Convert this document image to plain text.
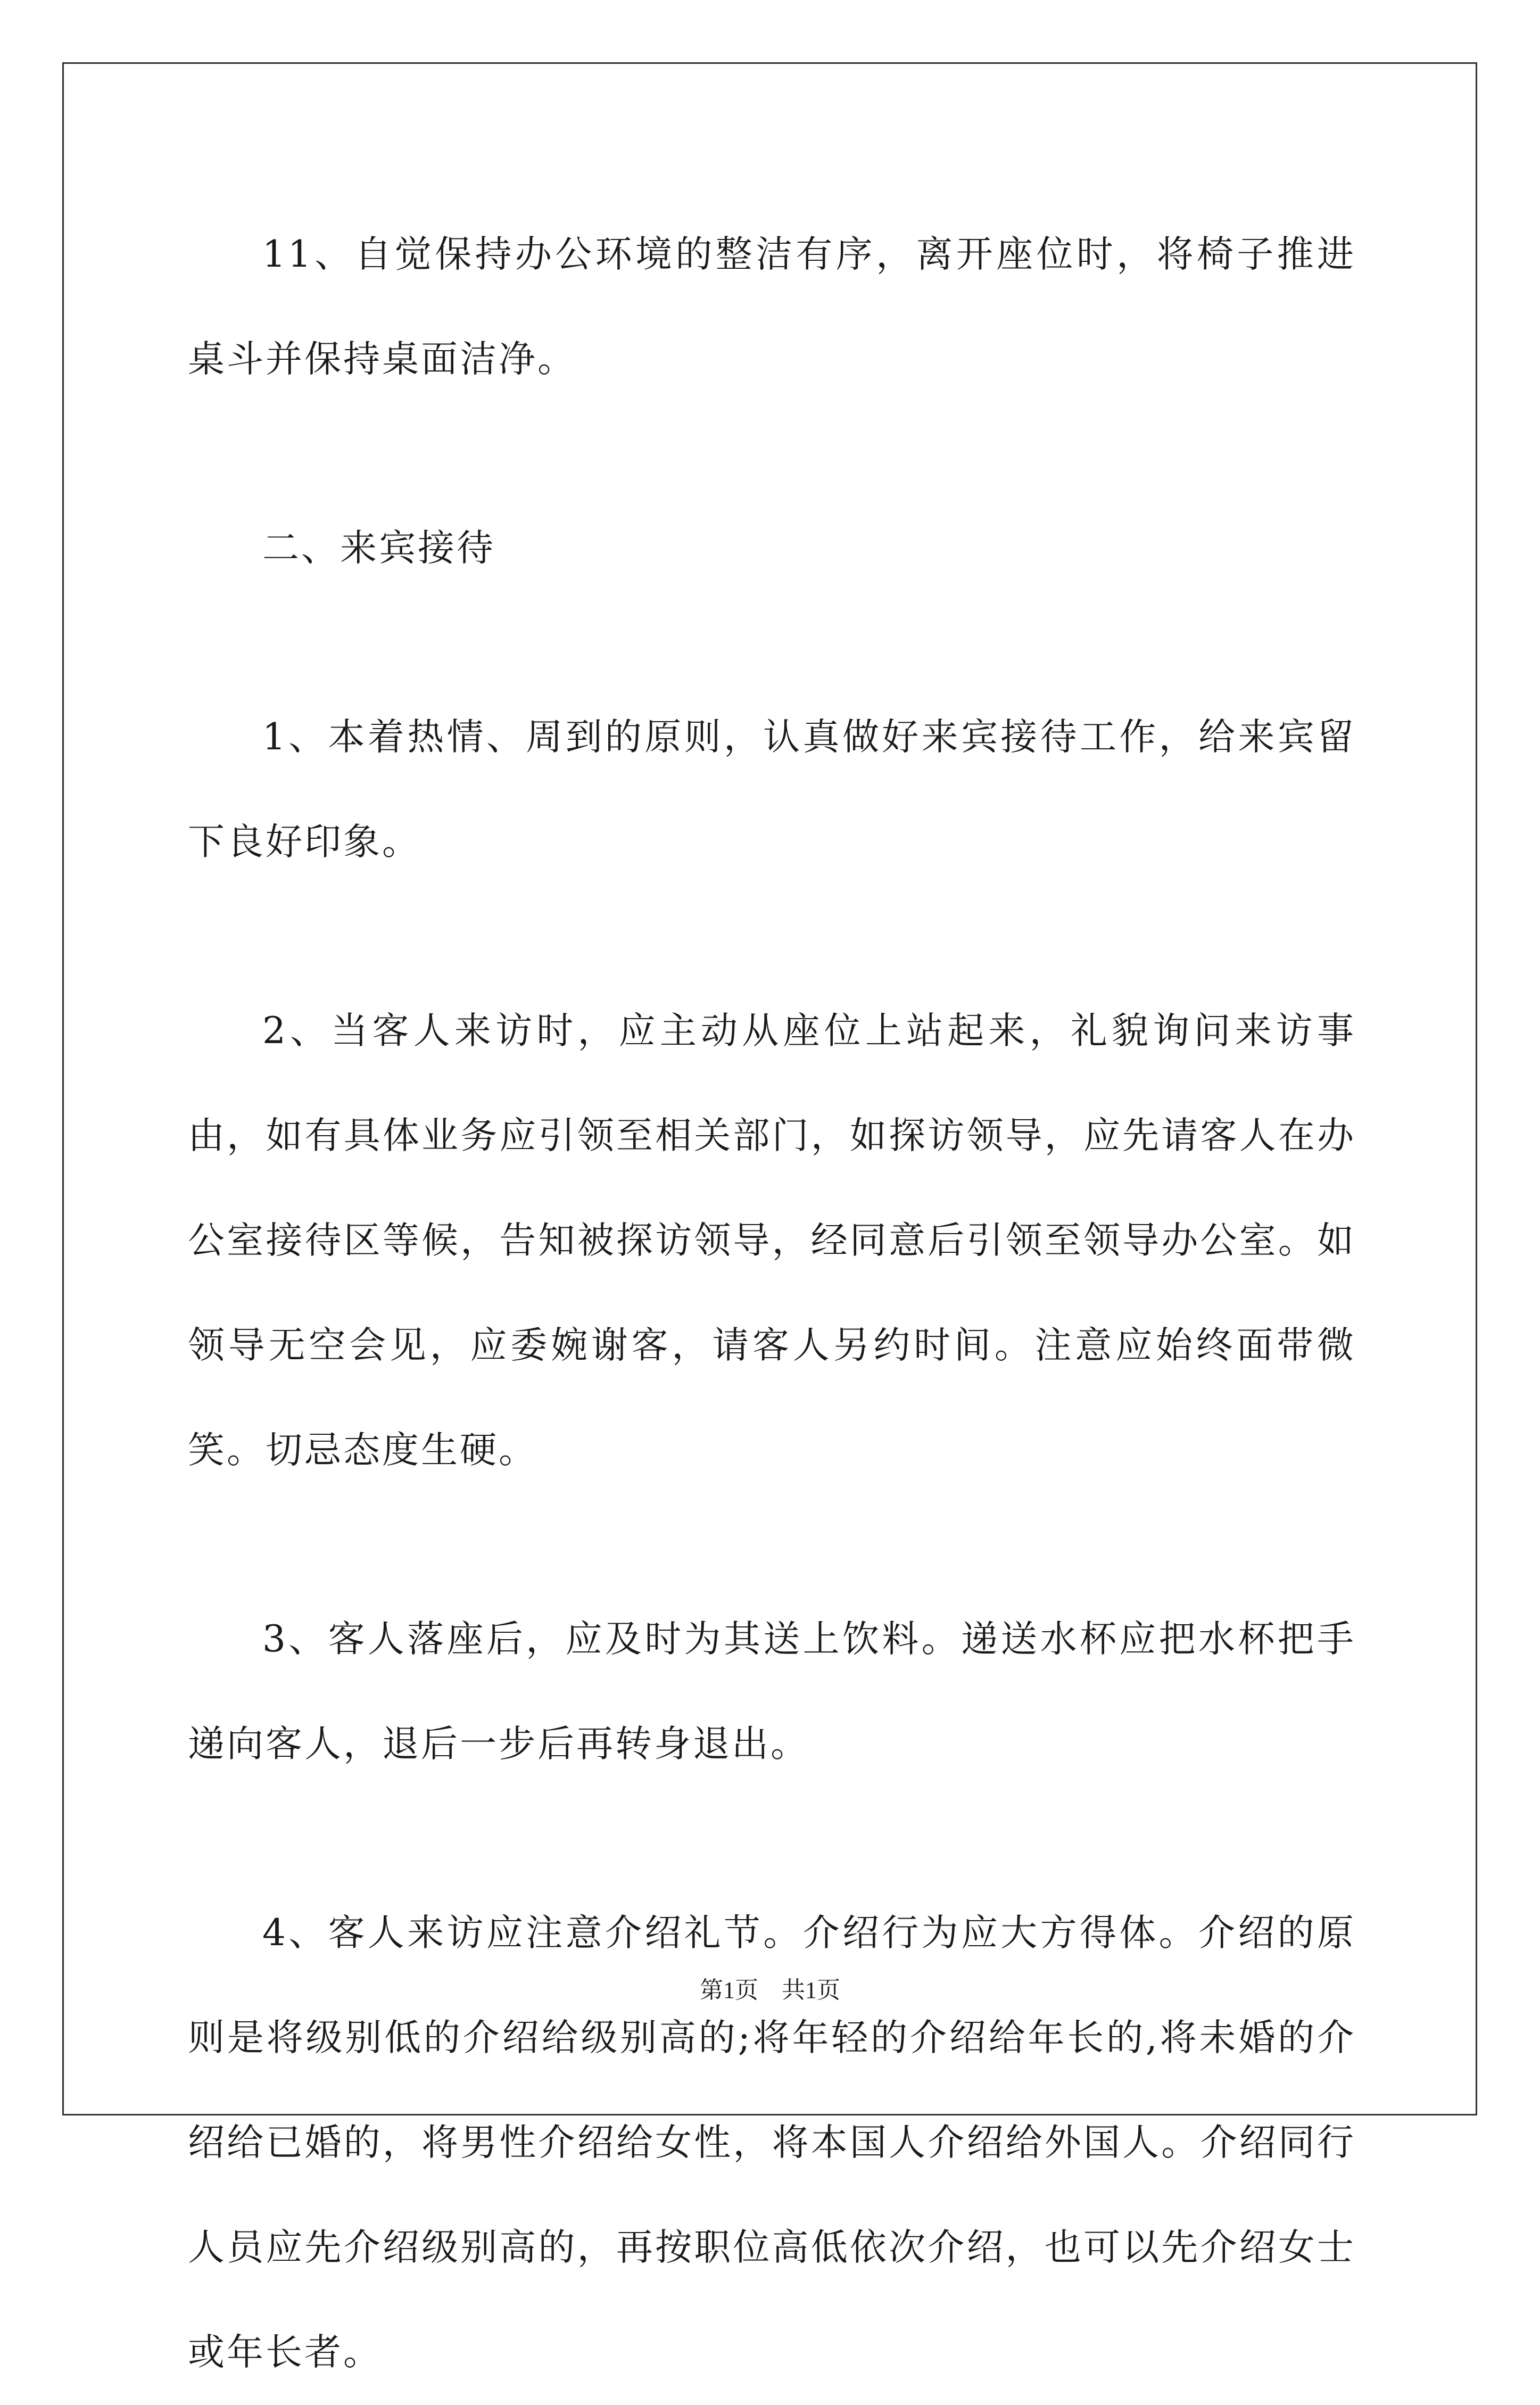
11、自觉保持办公环境的整洁有序，离开座位时，将椅子推进桌斗并保持桌面洁净。

二、来宾接待

1、本着热情、周到的原则，认真做好来宾接待工作，给来宾留下良好印象。

2、当客人来访时，应主动从座位上站起来，礼貌询问来访事由，如有具体业务应引领至相关部门，如探访领导，应先请客人在办公室接待区等候，告知被探访领导，经同意后引领至领导办公室。如领导无空会见，应委婉谢客，请客人另约时间。注意应始终面带微笑。切忌态度生硬。

3、客人落座后，应及时为其送上饮料。递送水杯应把水杯把手递向客人，退后一步后再转身退出。

4、客人来访应注意介绍礼节。介绍行为应大方得体。介绍的原则是将级别低的介绍给级别高的;将年轻的介绍给年长的,将未婚的介绍给已婚的，将男性介绍给女性，将本国人介绍给外国人。介绍同行人员应先介绍级别高的，再按职位高低依次介绍，也可以先介绍女士或年长者。

第1页　共1页
